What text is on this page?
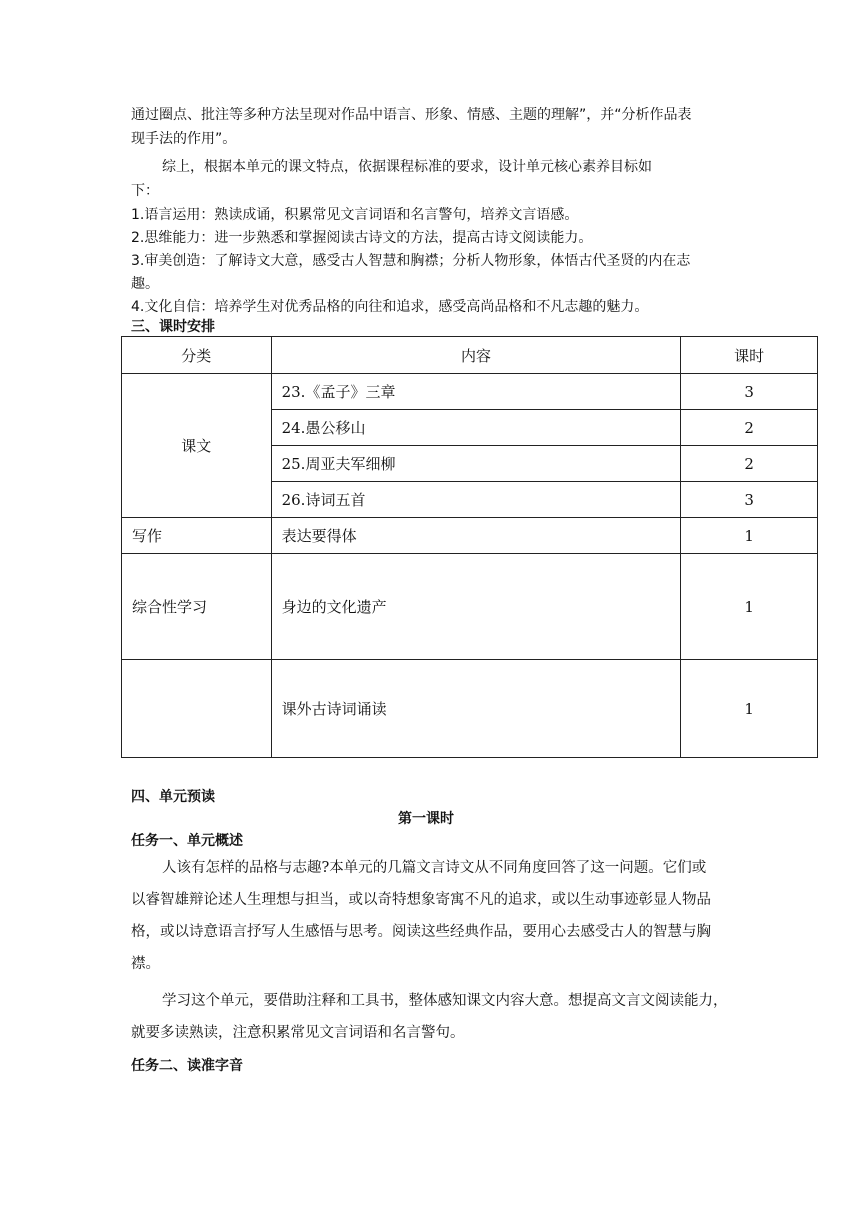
通过圈点、批注等多种方法呈现对作品中语言、形象、情感、主题的理解”，并“分析作品表
现手法的作用”。
综上，根据本单元的课文特点，依据课程标准的要求，设计单元核心素养目标如
下：
1.语言运用：熟读成诵，积累常见文言词语和名言警句，培养文言语感。
2.思维能力：进一步熟悉和掌握阅读古诗文的方法，提高古诗文阅读能力。
3.审美创造：了解诗文大意，感受古人智慧和胸襟；分析人物形象，体悟古代圣贤的内在志
趣。
4.文化自信：培养学生对优秀品格的向往和追求，感受高尚品格和不凡志趣的魅力。
三、课时安排
分类	内容	课时
课文	23.《孟子》三章	3
	24.愚公移山	2
	25.周亚夫军细柳	2
	26.诗词五首	3
写作	表达要得体	1
综合性学习	身边的文化遗产	1
	课外古诗词诵读	1
四、单元预读
第一课时
任务一、单元概述
人该有怎样的品格与志趣?本单元的几篇文言诗文从不同角度回答了这一问题。它们或
以睿智雄辩论述人生理想与担当，或以奇特想象寄寓不凡的追求，或以生动事迹彰显人物品
格，或以诗意语言抒写人生感悟与思考。阅读这些经典作品，要用心去感受古人的智慧与胸
襟。
学习这个单元，要借助注释和工具书，整体感知课文内容大意。想提高文言文阅读能力，
就要多读熟读，注意积累常见文言词语和名言警句。
任务二、读准字音
